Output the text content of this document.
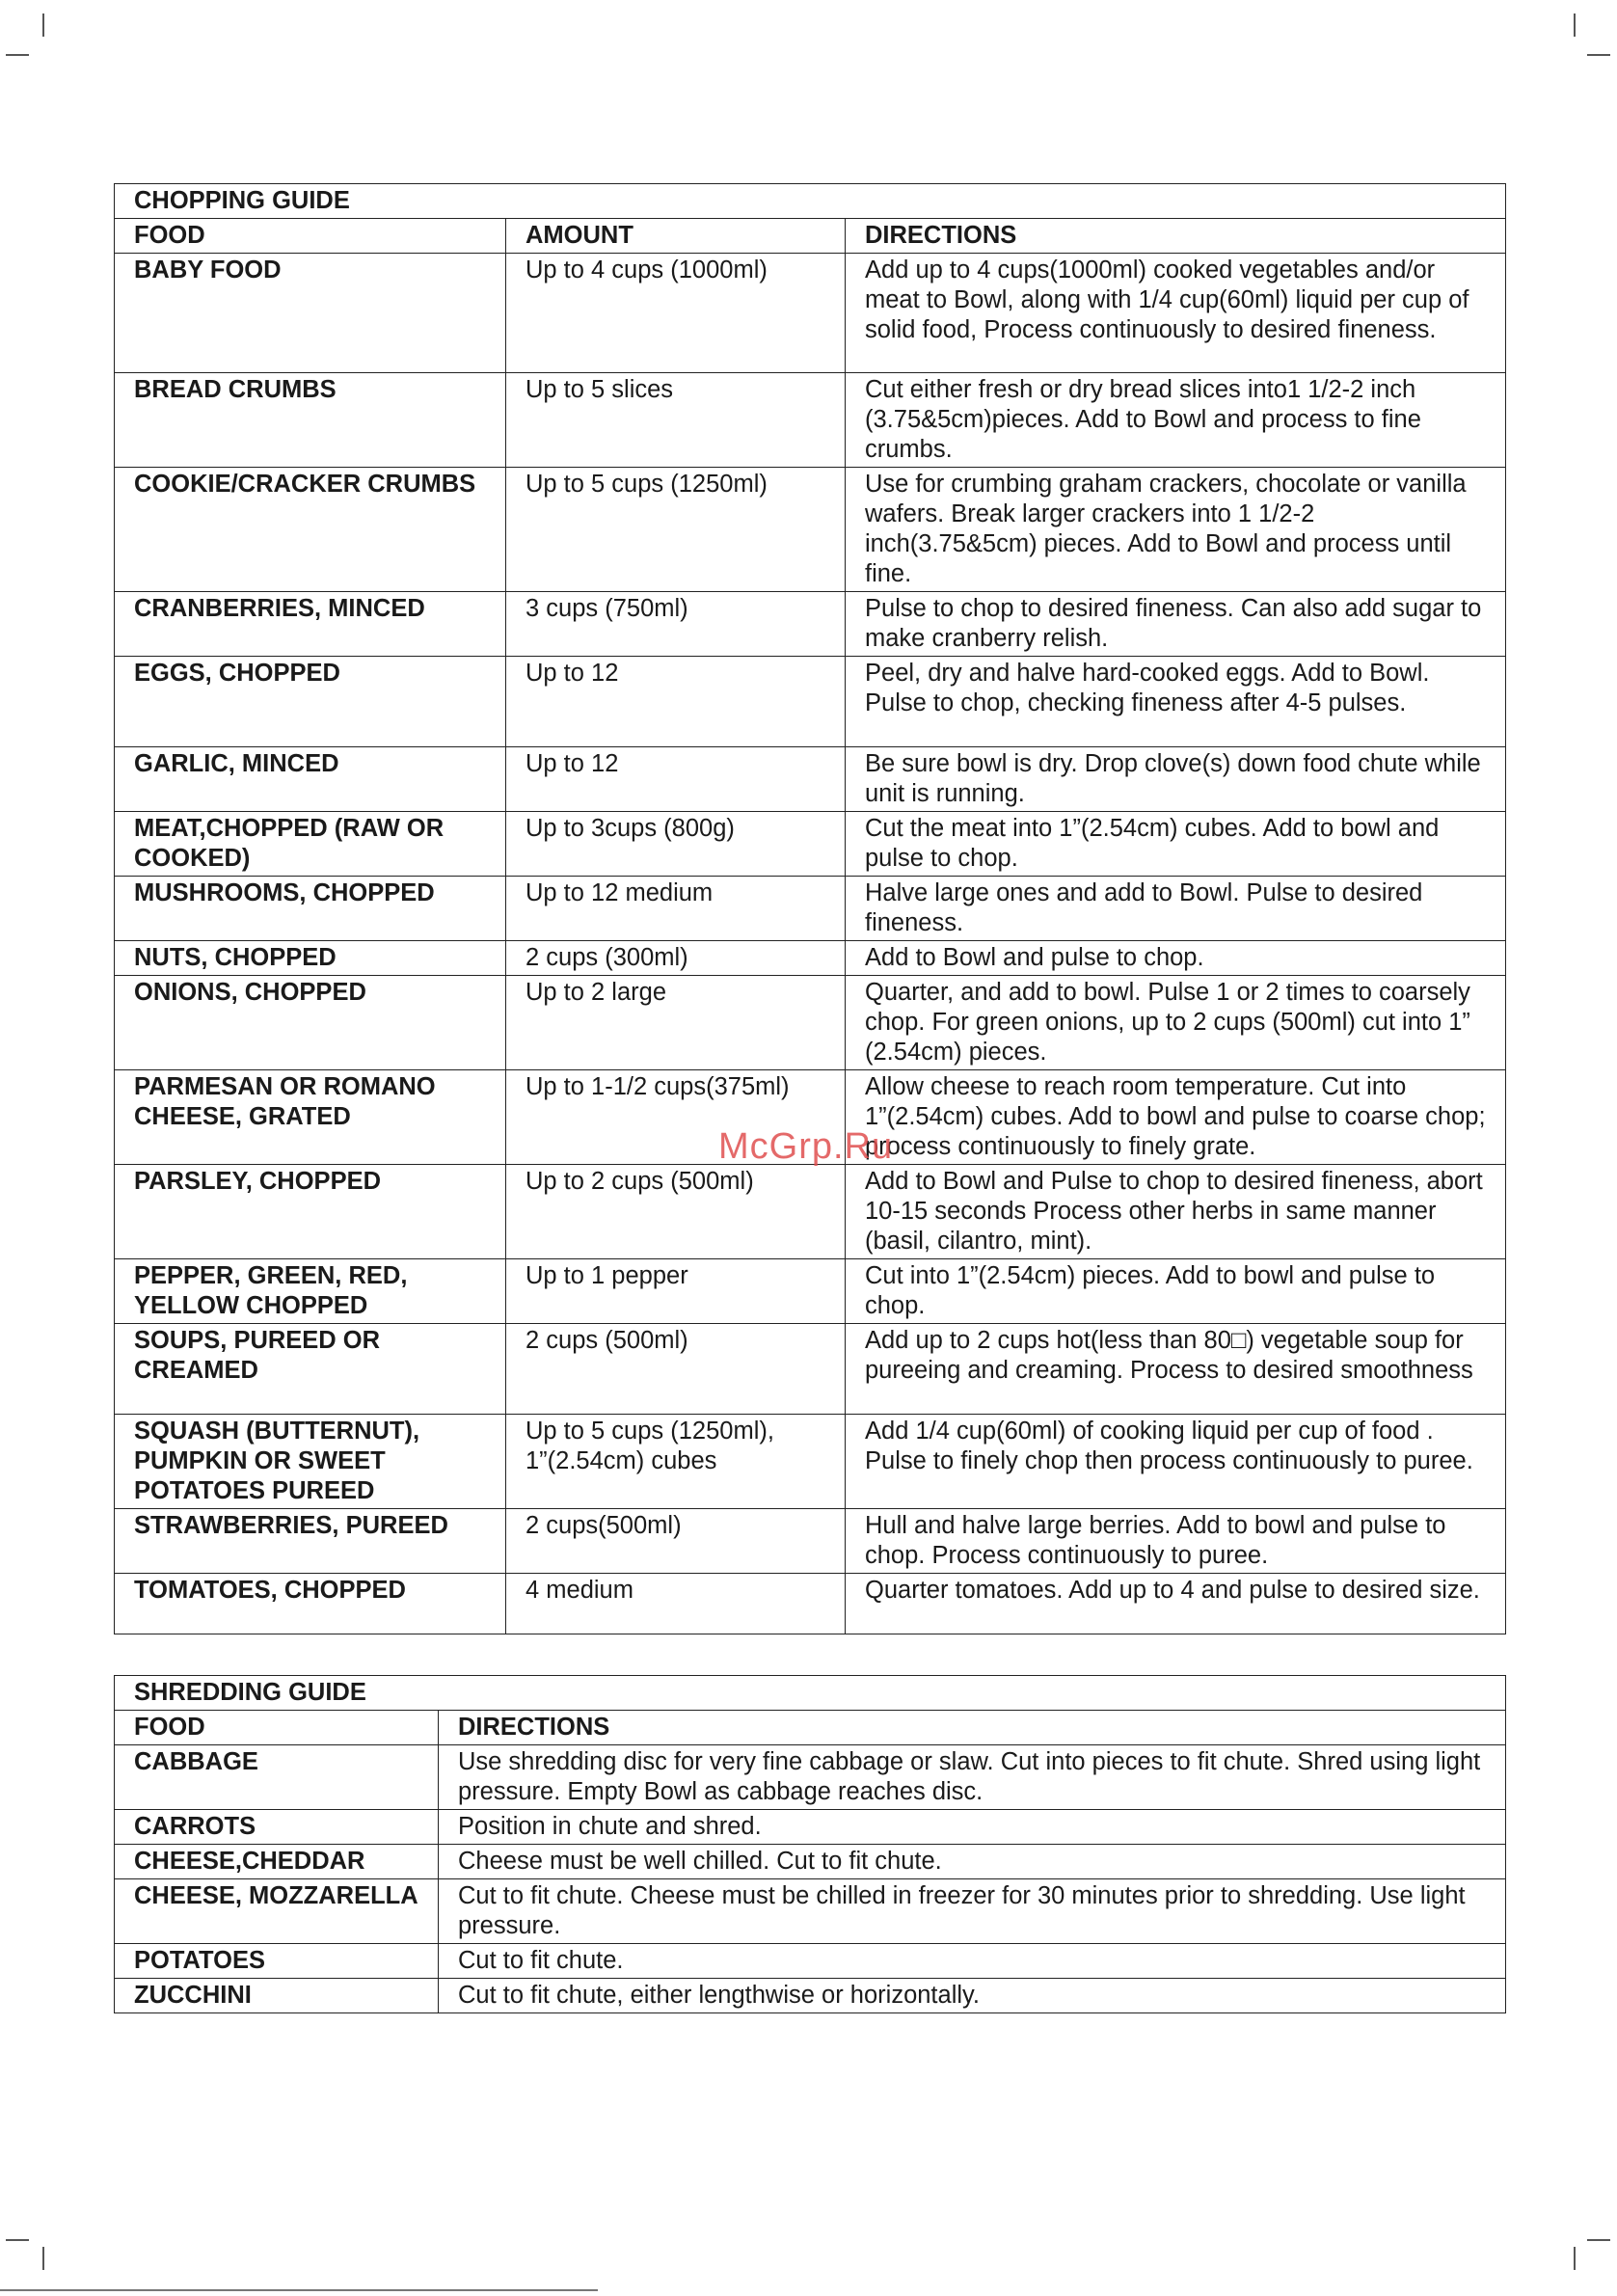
CHOPPING GUIDE		
FOOD	AMOUNT	DIRECTIONS
BABY FOOD	Up to 4 cups (1000ml)	Add up to 4 cups(1000ml) cooked vegetables and/or meat to Bowl, along with 1/4 cup(60ml) liquid per cup of solid food, Process continuously to desired fineness.
BREAD CRUMBS	Up to 5 slices	Cut either fresh or dry bread slices into1 1/2-2 inch (3.75&5cm)pieces. Add to Bowl and process to fine crumbs.
COOKIE/CRACKER CRUMBS	Up to 5 cups (1250ml)	Use for crumbing graham crackers, chocolate or vanilla wafers. Break larger crackers into 1 1/2-2 inch(3.75&5cm) pieces. Add to Bowl and process until fine.
CRANBERRIES, MINCED	3 cups (750ml)	Pulse to chop to desired fineness. Can also add sugar to make cranberry relish.
EGGS, CHOPPED	Up to 12	Peel, dry and halve hard-cooked eggs. Add to Bowl. Pulse to chop, checking fineness after 4-5 pulses.
GARLIC, MINCED	Up to 12	Be sure bowl is dry. Drop clove(s) down food chute while unit is running.
MEAT,CHOPPED (RAW OR COOKED)	Up to 3cups (800g)	Cut the meat into 1”(2.54cm) cubes. Add to bowl and pulse to chop.
MUSHROOMS, CHOPPED	Up to 12 medium	Halve large ones and add to Bowl. Pulse to desired fineness.
NUTS, CHOPPED	2 cups (300ml)	Add to Bowl and pulse to chop.
ONIONS, CHOPPED	Up to 2 large	Quarter, and add to bowl. Pulse 1 or 2 times to coarsely chop. For green onions, up to 2 cups (500ml) cut into 1” (2.54cm) pieces.
PARMESAN OR ROMANO CHEESE, GRATED	Up to 1-1/2 cups(375ml)	Allow cheese to reach room temperature. Cut into 1”(2.54cm) cubes. Add to bowl and pulse to coarse chop; process continuously to finely grate.
PARSLEY, CHOPPED	Up to 2 cups (500ml)	Add to Bowl and Pulse to chop to desired fineness, abort 10-15 seconds Process other herbs in same manner (basil, cilantro, mint).
PEPPER, GREEN, RED, YELLOW CHOPPED	Up to 1 pepper	Cut into 1”(2.54cm) pieces. Add to bowl and pulse to chop.
SOUPS, PUREED OR CREAMED	2 cups (500ml)	Add up to 2 cups hot(less than 80□) vegetable soup for pureeing and creaming. Process to desired smoothness
SQUASH (BUTTERNUT), PUMPKIN OR SWEET POTATOES PUREED	Up to 5 cups (1250ml), 1”(2.54cm) cubes	Add 1/4 cup(60ml) of cooking liquid per cup of food . Pulse to finely chop then process continuously to puree.
STRAWBERRIES, PUREED	2 cups(500ml)	Hull and halve large berries. Add to bowl and pulse to chop. Process continuously to puree.
TOMATOES, CHOPPED	4 medium	Quarter tomatoes. Add up to 4 and pulse to desired size.
SHREDDING GUIDE	
FOOD	DIRECTIONS
CABBAGE	Use shredding disc for very fine cabbage or slaw. Cut into pieces to fit chute. Shred using light pressure. Empty Bowl as cabbage reaches disc.
CARROTS	Position in chute and shred.
CHEESE,CHEDDAR	Cheese must be well chilled. Cut to fit chute.
CHEESE, MOZZARELLA	Cut to fit chute. Cheese must be chilled in freezer for 30 minutes prior to shredding. Use light pressure.
POTATOES	Cut to fit chute.
ZUCCHINI	Cut to fit chute, either lengthwise or horizontally.
McGrp.Ru
